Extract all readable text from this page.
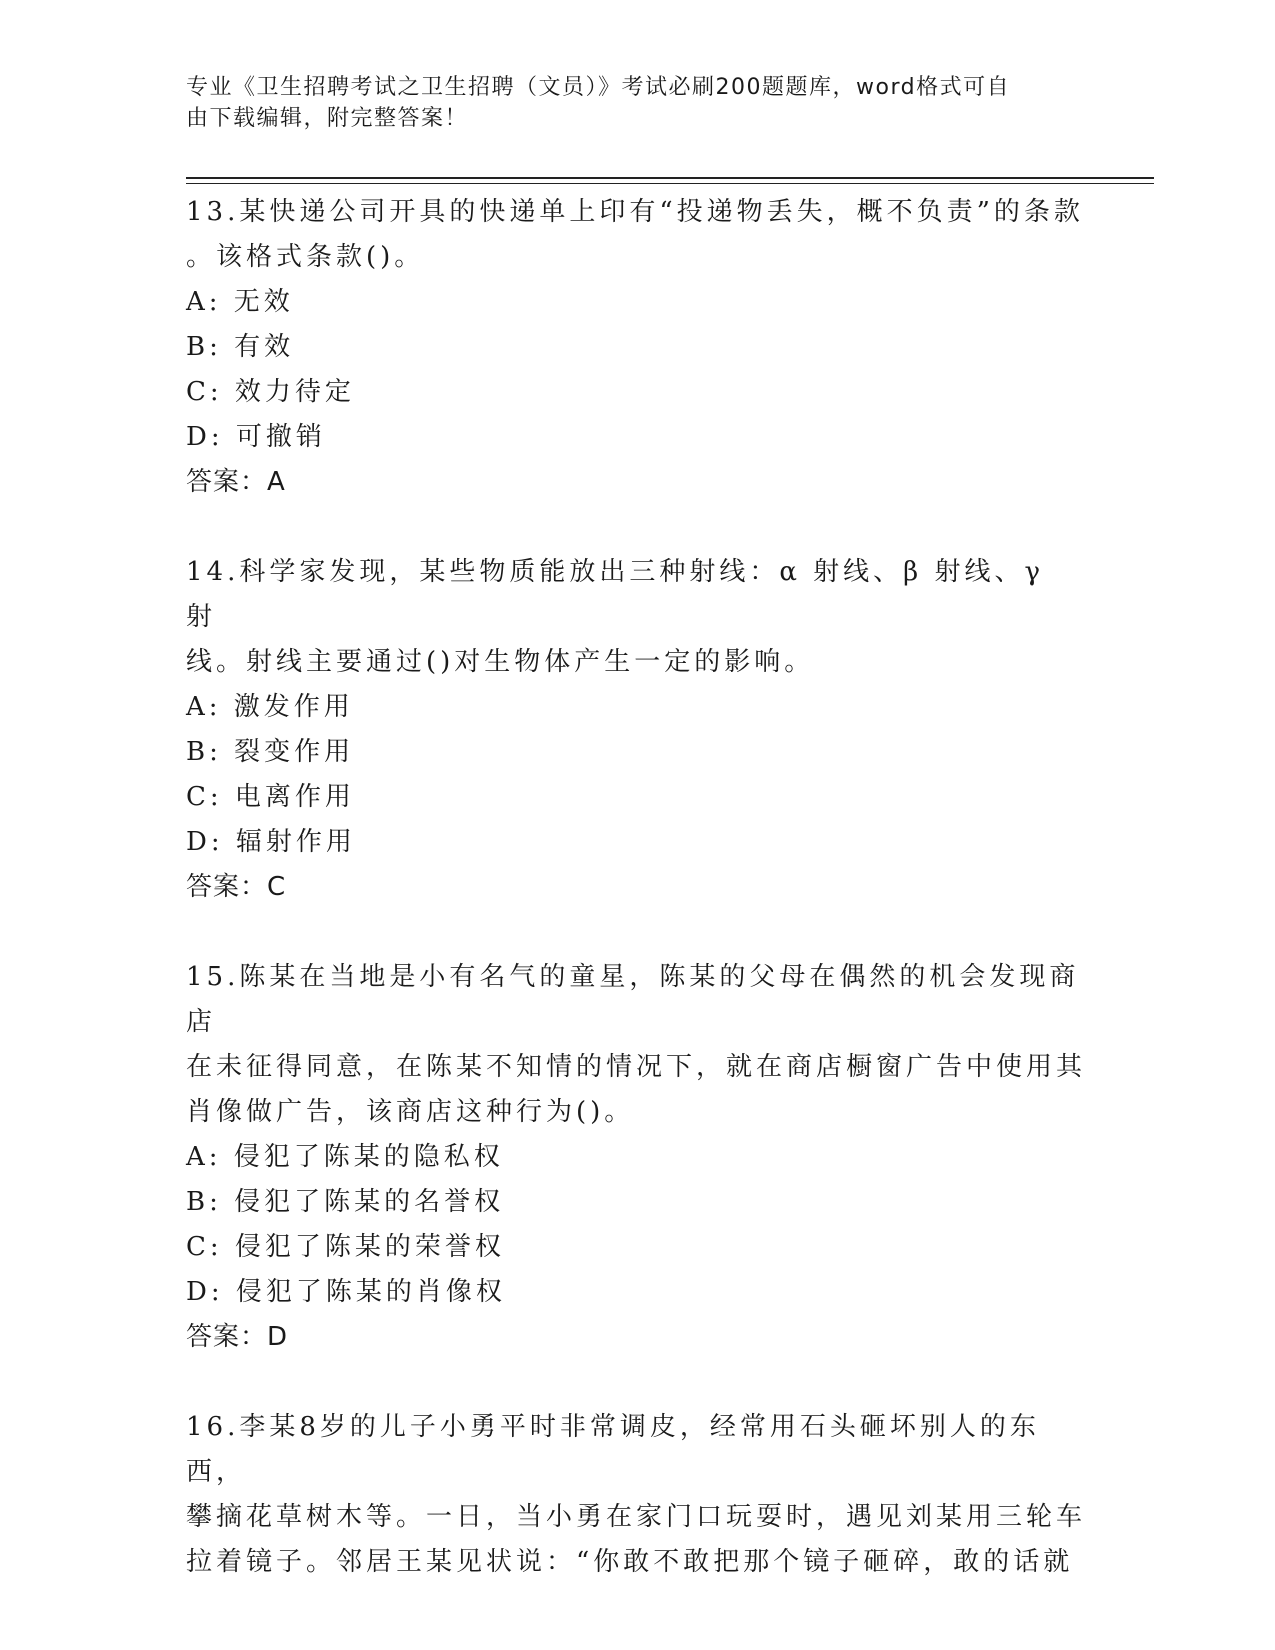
专业《卫生招聘考试之卫生招聘（文员）》考试必刷200题题库，word格式可自
由下载编辑，附完整答案！

13.某快递公司开具的快递单上印有“投递物丢失，概不负责”的条款

。该格式条款()。

A: 无效

B: 有效

C: 效力待定

D: 可撤销

答案：A

14.科学家发现，某些物质能放出三种射线：α 射线、β 射线、γ 射

线。射线主要通过()对生物体产生一定的影响。

A: 激发作用

B: 裂变作用

C: 电离作用

D: 辐射作用

答案：C

15.陈某在当地是小有名气的童星，陈某的父母在偶然的机会发现商店

在未征得同意，在陈某不知情的情况下，就在商店橱窗广告中使用其

肖像做广告，该商店这种行为()。

A: 侵犯了陈某的隐私权

B: 侵犯了陈某的名誉权

C: 侵犯了陈某的荣誉权

D: 侵犯了陈某的肖像权

答案：D

16.李某8岁的儿子小勇平时非常调皮，经常用石头砸坏别人的东西，

攀摘花草树木等。一日，当小勇在家门口玩耍时，遇见刘某用三轮车

拉着镜子。邻居王某见状说：“你敢不敢把那个镜子砸碎，敢的话就
